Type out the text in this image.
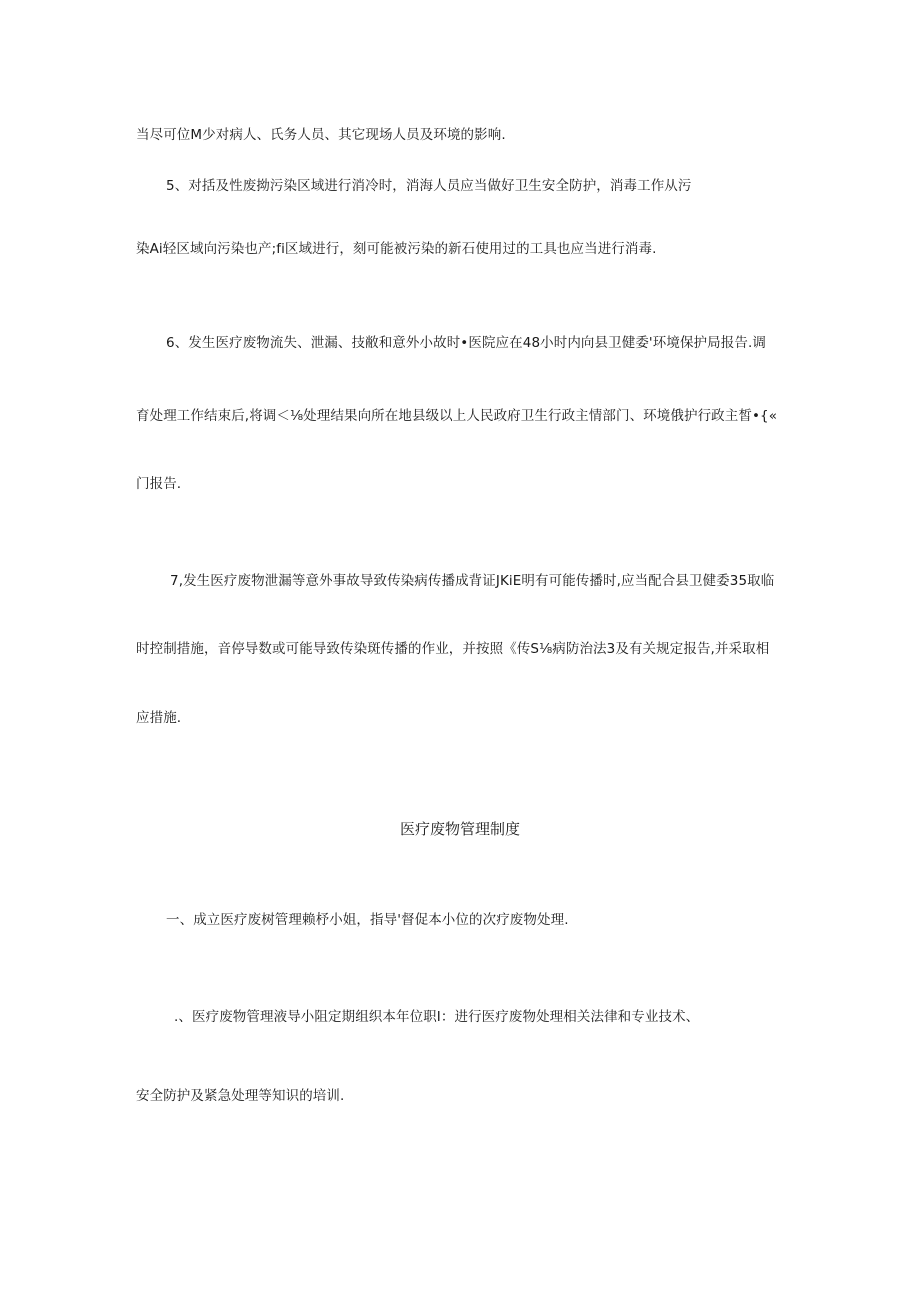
当尽可位M少对病人、氏务人员、其它现场人员及环境的影响.
5、对括及性废拗污染区域进行消冷时，消海人员应当做好卫生安全防护，消毒工作从污
染Ai轻区域向污染也产;fi区域进行，刻可能被污染的新石使用过的工具也应当进行消毒.
6、发生医疗废物流失、泄漏、技敝和意外小故时•医院应在48小时内向县卫健委'环境保护局报告.调
育处理工作结束后,将调＜⅛处理结果向所在地县级以上人民政府卫生行政主情部门、环境俄护行政主皙•{«
门报告.
7,发生医疗废物泄漏等意外事故导致传染病传播成背证JKiE明有可能传播时,应当配合县卫健委35取临
时控制措施，音停导数或可能导致传染斑传播的作业，并按照《传S⅛病防治法3及有关规定报告,并采取相
应措施.
医疗废物管理制度
一、成立医疗废树管理赖杼小姐，指导'督促本小位的次疗废物处理.
.、医疗废物管理液导小阻定期组织本年位职I：进行医疗废物处理相关法律和专业技术、
安全防护及紧急处理等知识的培训.
